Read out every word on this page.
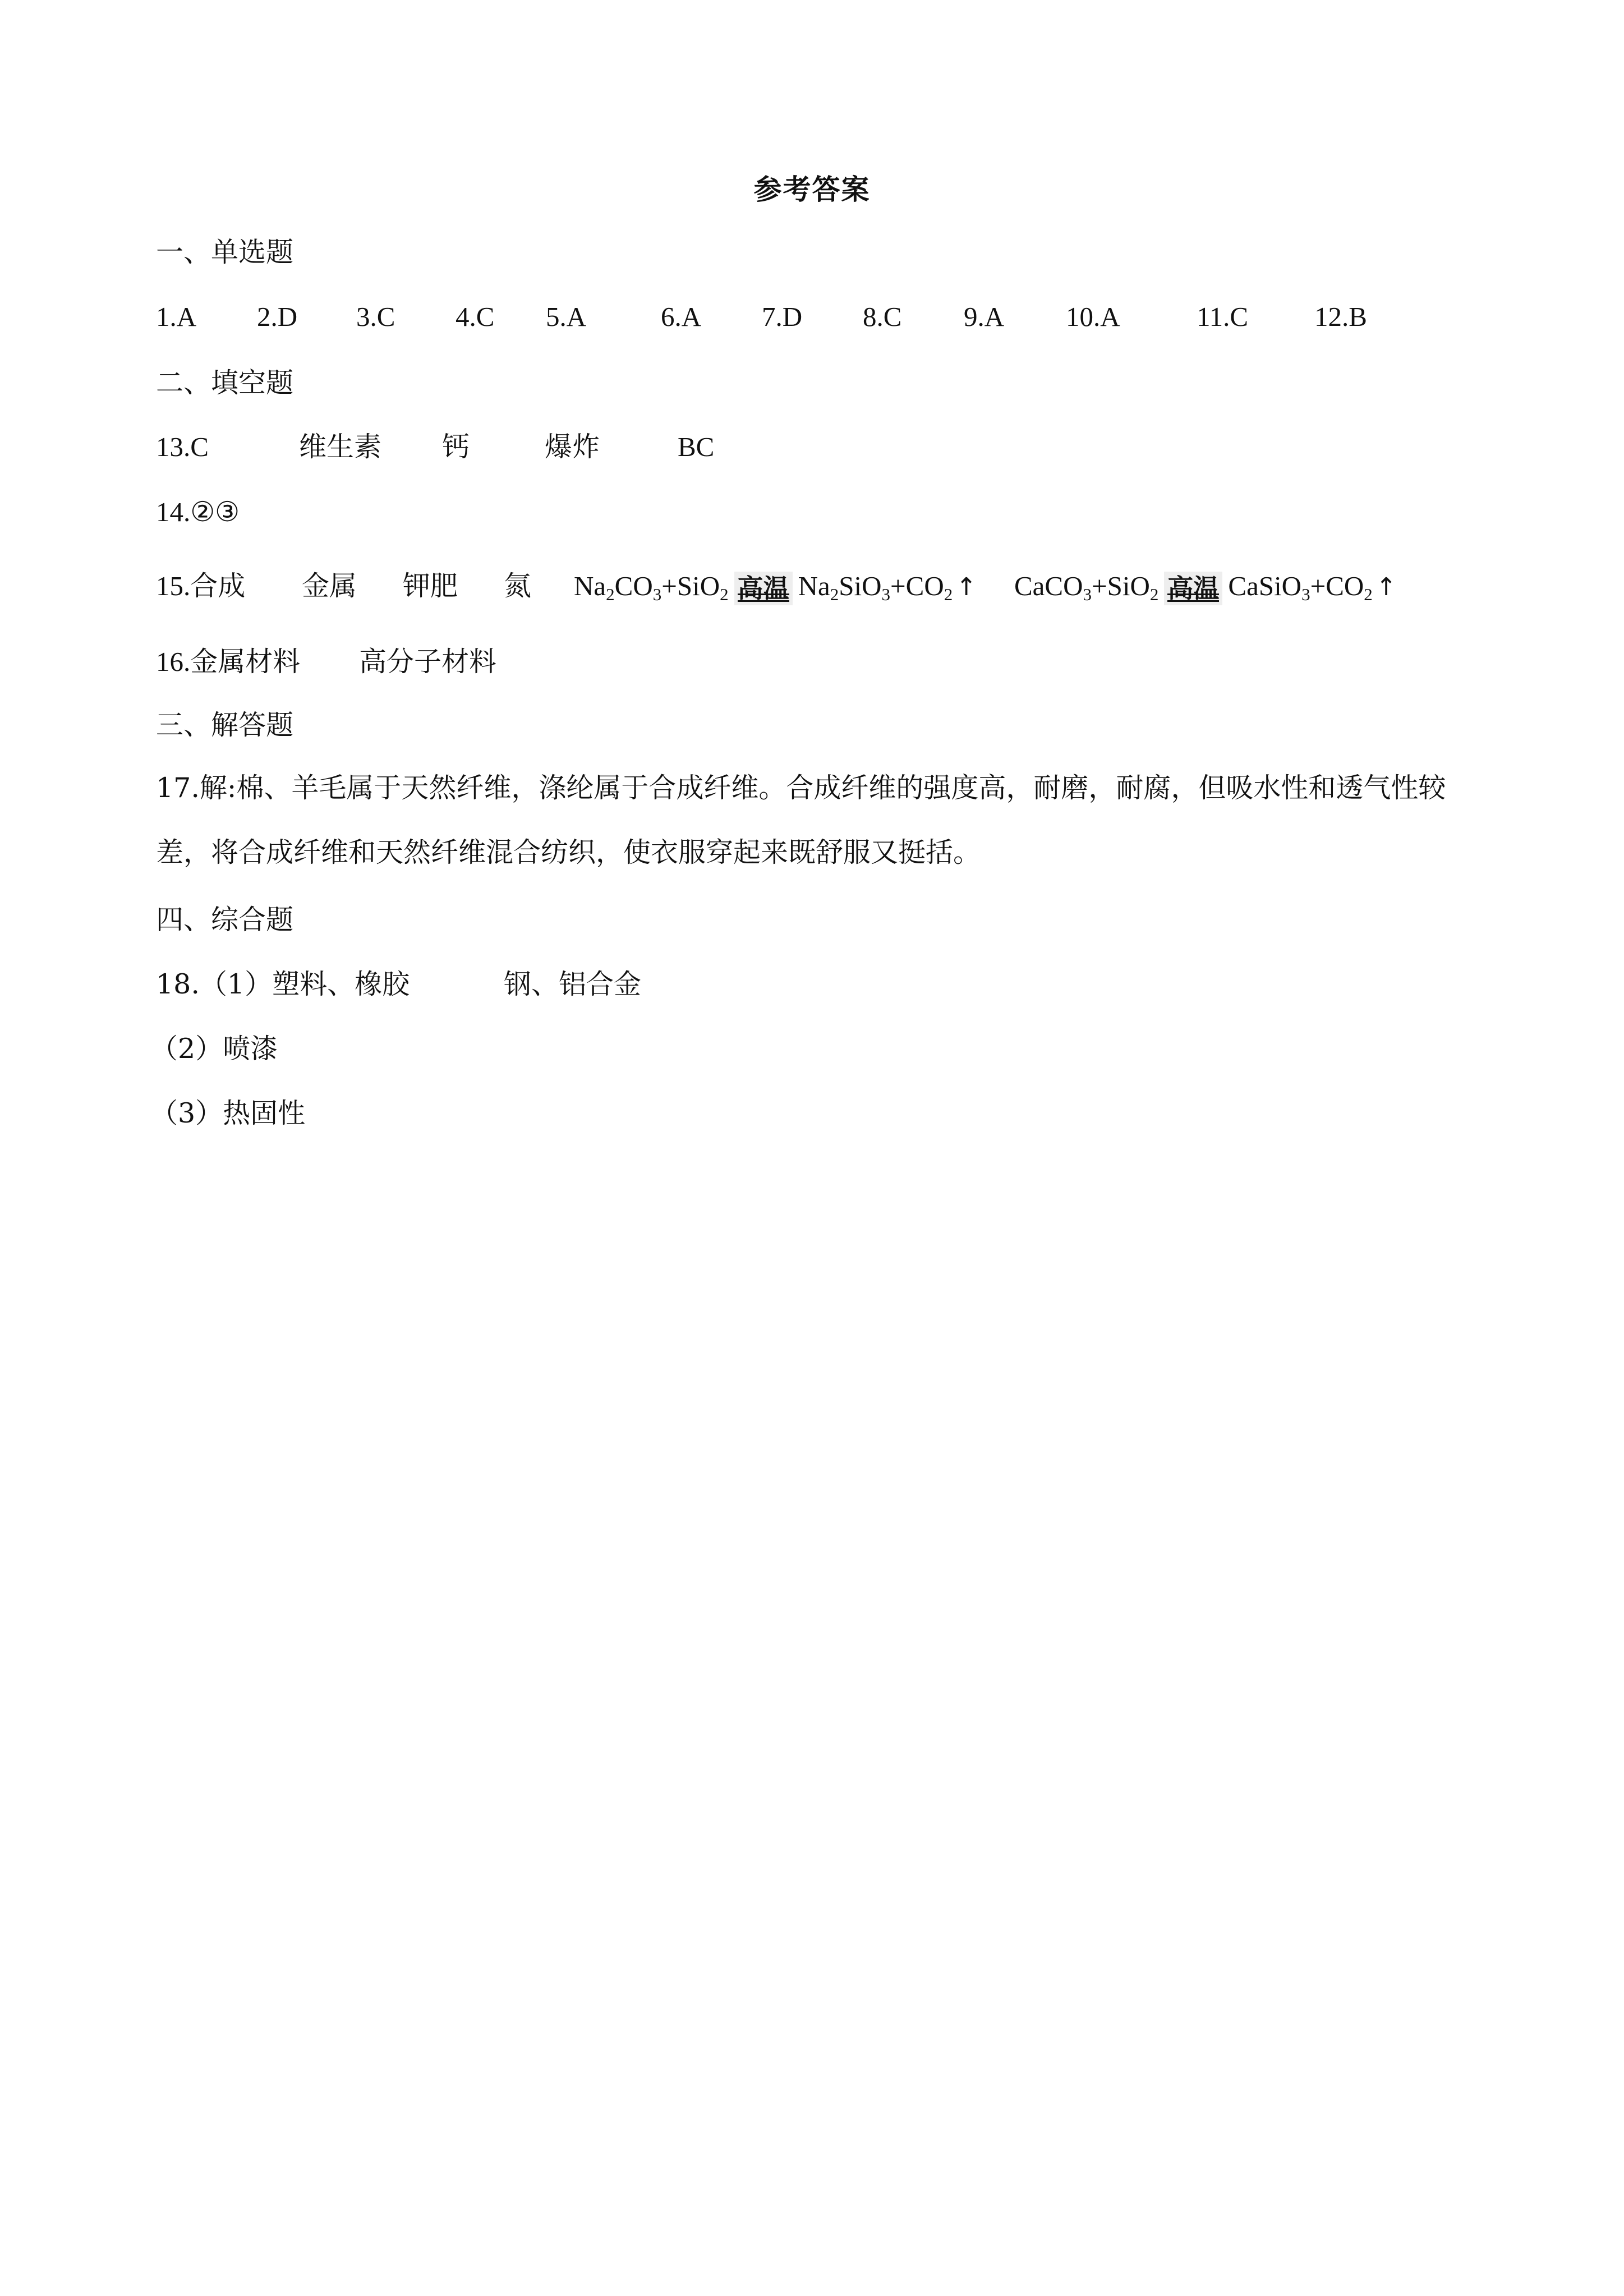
参考答案
一、单选题
1.A 2.D 3.C 4.C 5.A	6.A 7.D 8.C 9.A 10.A	11.C 12.B
二、填空题
13.C	维生素 钙	爆炸	BC
14.②③
15.合成 金属 钾肥 氮 $Na_2CO_3+SiO_2$ 高温 $Na_2SiO_3+CO_2$ ↑ CaCO$_3$+SiO$_2$ 高温 $CaSiO_3+CO_2$ ↑
16.金属材料 高分子材料
三、解答题
17.解:棉、羊毛属于天然纤维，涤纶属于合成纤维。合成纤维的强度高，耐磨，耐腐，但吸水性和透气性较差，将合成纤维和天然纤维混合纺织，使衣服穿起来既舒服又挺括。
四、综合题
18.（1）塑料、橡胶	钢、铝合金
（2）喷漆
（3）热固性
